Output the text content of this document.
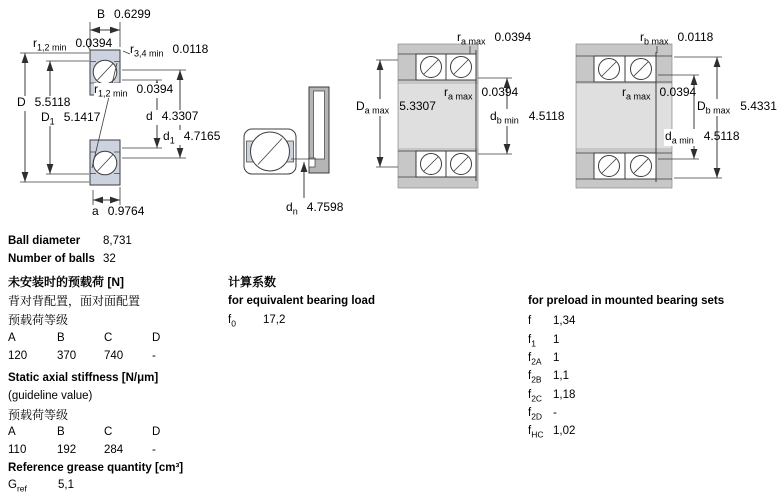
B 0.6299
$r_{1,2 min}$ 0.0394 $r_{3,4 min}$ 0.0118
D 5.5118
$D_1$ 5.1417
$r_{1,2 min}$ 0.0394
d 4.3307
$d_1$ 4.7165
a 0.9764	$d_n$ 4.7598
$r_{a max}$ 0.0394
$D_{a max}$ 5.3307
$r_{a max}$ 0.0394
$d_{b min}$ 4.5118
$r_{b max}$ 0.0118
$r_{a max}$ 0.0394
$D_{b max}$ 5.4331
$d_{a min}$ 4.5118
Ball diameter 8,731
Number of balls 32
未安装时的预载荷 [N]
背对背配置，面对面配置
预载荷等级
A	B	C	D
120	370 740	-
Static axial stiffness [N/μm]
(guideline value)
预载荷等级
A	B	C	D
110	192 284	-
Reference grease quantity [cm³]
$G_{ref}$	5,1
计算系数
for equivalent bearing load
$f_0$ 17,2
for preload in mounted bearing sets
f 1,34
$f_1$ 1
$f_{2A}$ 1
$f_{2B}$ 1,1
$f_{2C}$ 1,18
$f_{2D}$ -
$f_{HC}$ 1,02
